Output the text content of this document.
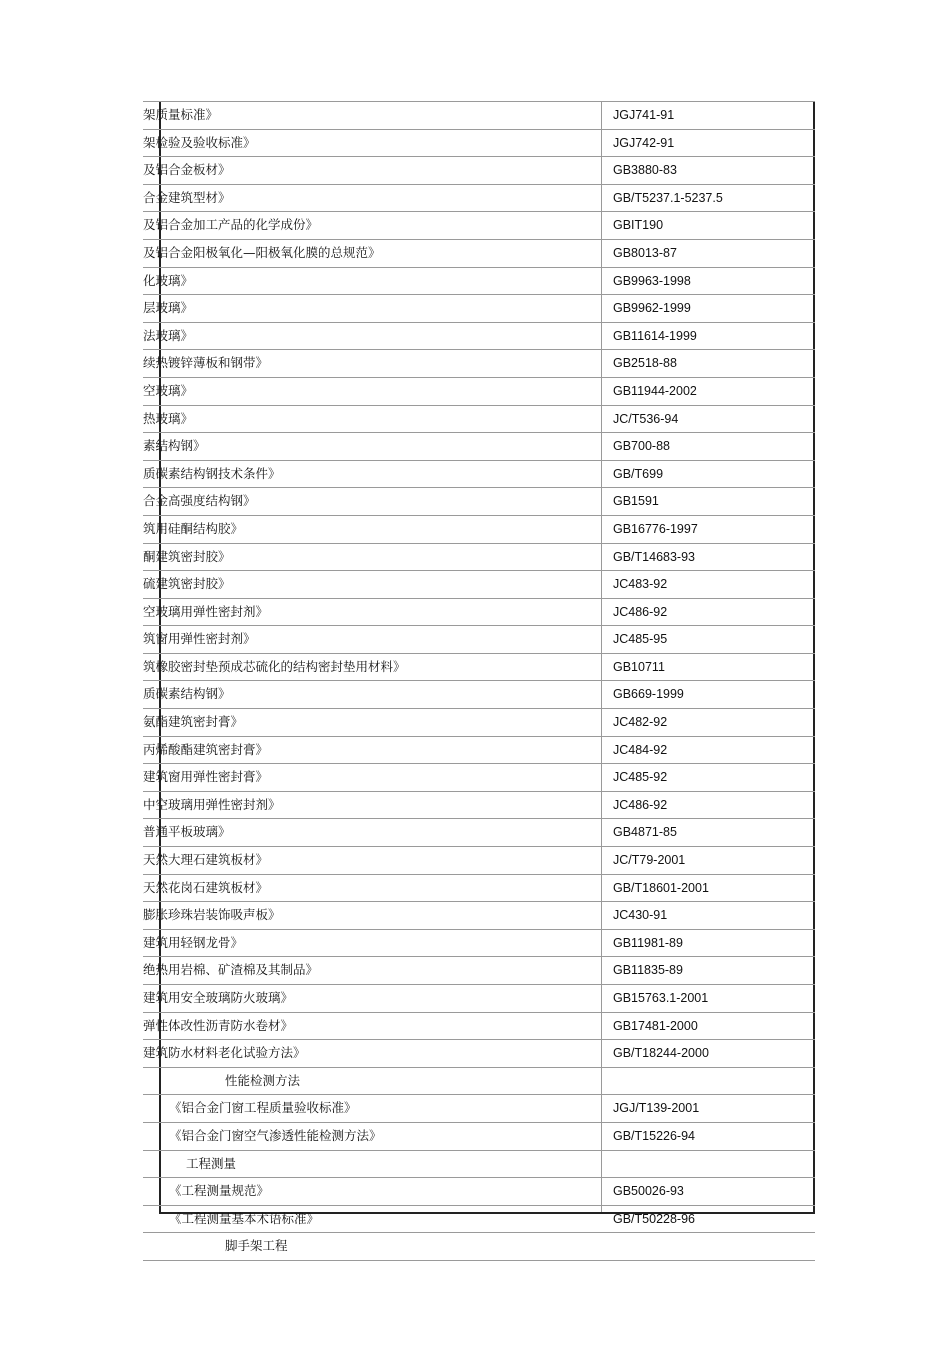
架质量标准》	JGJ741-91
架检验及验收标准》	JGJ742-91
及铝合金板材》	GB3880-83
合金建筑型材》	GB/T5237.1-5237.5
及铝合金加工产品的化学成份》	GBIT190
及铝合金阳极氧化—阳极氧化膜的总规范》	GB8013-87
化玻璃》	GB9963-1998
层玻璃》	GB9962-1999
法玻璃》	GB11614-1999
续热镀锌薄板和钢带》	GB2518-88
空玻璃》	GB11944-2002
热玻璃》	JC/T536-94
素结构钢》	GB700-88
质碳素结构钢技术条件》	GB/T699
合金高强度结构钢》	GB1591
筑用硅酮结构胶》	GB16776-1997
酮建筑密封胶》	GB/T14683-93
硫建筑密封胶》	JC483-92
空玻璃用弹性密封剂》	JC486-92
筑窗用弹性密封剂》	JC485-95
筑橡胶密封垫预成芯硫化的结构密封垫用材料》	GB10711
质碳素结构钢》	GB669-1999
氨酯建筑密封膏》	JC482-92
丙烯酸酯建筑密封膏》	JC484-92
建筑窗用弹性密封膏》	JC485-92
中空玻璃用弹性密封剂》	JC486-92
普通平板玻璃》	GB4871-85
天然大理石建筑板材》	JC/T79-2001
天然花岗石建筑板材》	GB/T18601-2001
膨胀珍珠岩装饰吸声板》	JC430-91
建筑用轻钢龙骨》	GB11981-89
绝热用岩棉、矿渣棉及其制品》	GB11835-89
建筑用安全玻璃防火玻璃》	GB15763.1-2001
弹性体改性沥青防水卷材》	GB17481-2000
建筑防水材料老化试验方法》	GB/T18244-2000
性能检测方法
《铝合金门窗工程质量验收标准》	JGJ/T139-2001
《铝合金门窗空气渗透性能检测方法》	GB/T15226-94
工程测量
《工程测量规范》	GB50026-93
《工程测量基本术语标准》	GB/T50228-96
脚手架工程
